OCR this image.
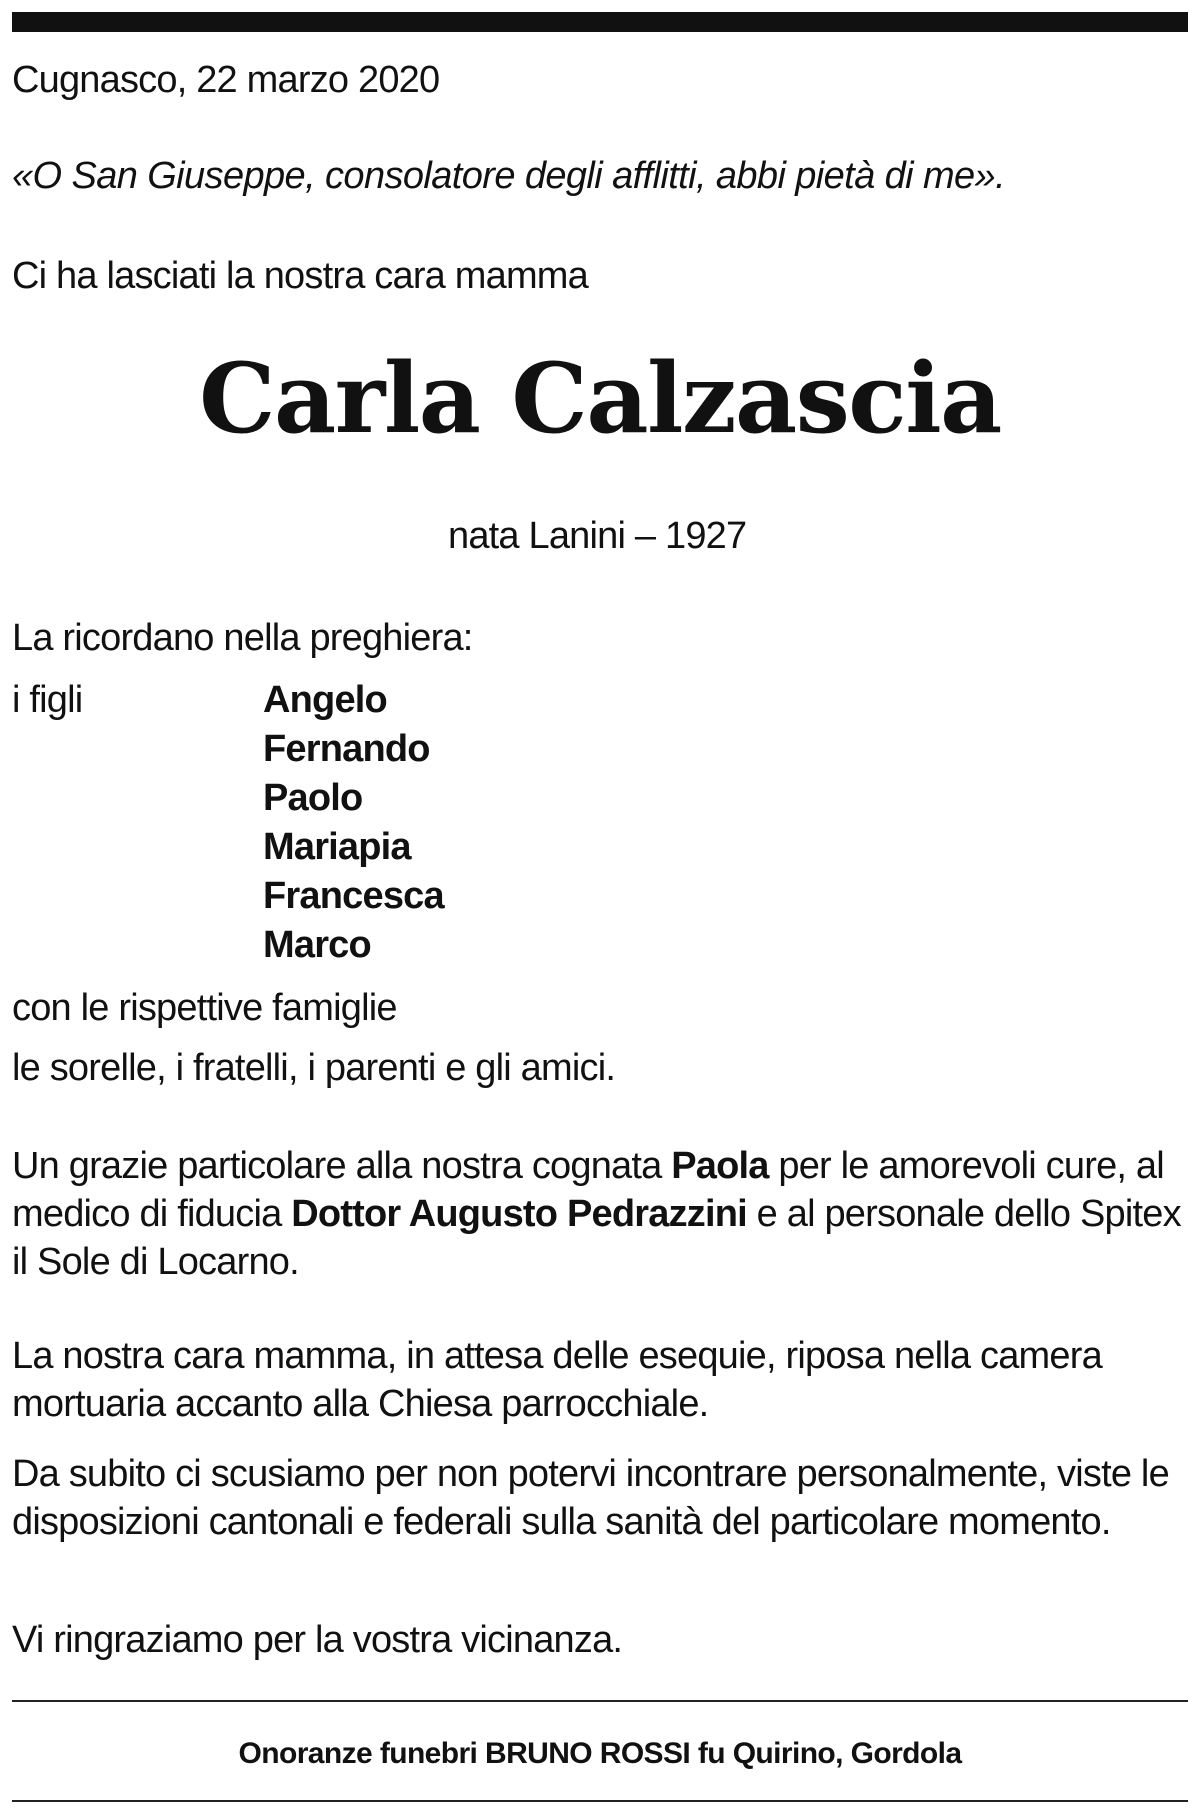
Cugnasco, 22 marzo 2020
«O San Giuseppe, consolatore degli afflitti, abbi pietà di me».
Ci ha lasciati la nostra cara mamma
Carla Calzascia
nata Lanini – 1927
La ricordano nella preghiera:
i figli	Angelo
Fernando
Paolo
Mariapia
Francesca
Marco
con le rispettive famiglie
le sorelle, i fratelli, i parenti e gli amici.

Un grazie particolare alla nostra cognata Paola per le amorevoli cure, al medico di fiducia Dottor Augusto Pedrazzini e al personale dello Spitex il Sole di Locarno.

La nostra cara mamma, in attesa delle esequie, riposa nella camera mortuaria accanto alla Chiesa parrocchiale.

Da subito ci scusiamo per non potervi incontrare personalmente, viste le disposizioni cantonali e federali sulla sanità del particolare momento.

Vi ringraziamo per la vostra vicinanza.

Onoranze funebri BRUNO ROSSI fu Quirino, Gordola
